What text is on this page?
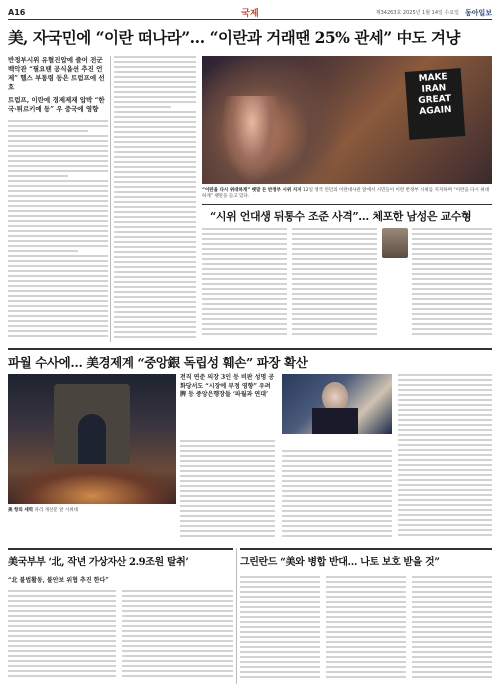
A16	국제	제34263호 2025년 1월 14일 수요일 동아일보
美, 자국민에 “이란 떠나라”… “이란과 거래땐 25% 관세” 中도 겨냥
반정부시위 유혈진압에 즐어 전군 백악관 “필요땐 공식옵션 추진 언제” 헬스 부통령 등은 트럼프에 선호
트럼프, 이란에 경제제재 압박 “한국·튀르키예 등” 우 중국에 영향
MAKE IRAN GREAT AGAIN
“이란을 다시 위대하게” 팻말 든 반정부 시위 지지 12일 영국 런던의 이란대사관 앞에서 시민들이 이란 반정부 시위를 지지하며 “이란을 다시 위대하게” 팻말을 들고 있다.
“시위 언대생 뒤통수 조준 사격”… 체포한 남성은 교수형
파월 수사에… 美경제계 “중앙銀 독립성 훼손” 파장 확산
전직 연준 의장 3인 등 비판 성명 공화당서도 “시장에 부정 영향” 우려 脾 등 중앙은행장들 ‘파월과 연대’
美 항의 세력 파리 개선문 앞 시위대
美국부부 ‘北, 작년 가상자산 2.9조원 탈취’
“北 불법활동, 불안보 위협 추진 한다”
그린란드 “美와 병합 반대… 나토 보호 받을 것”
